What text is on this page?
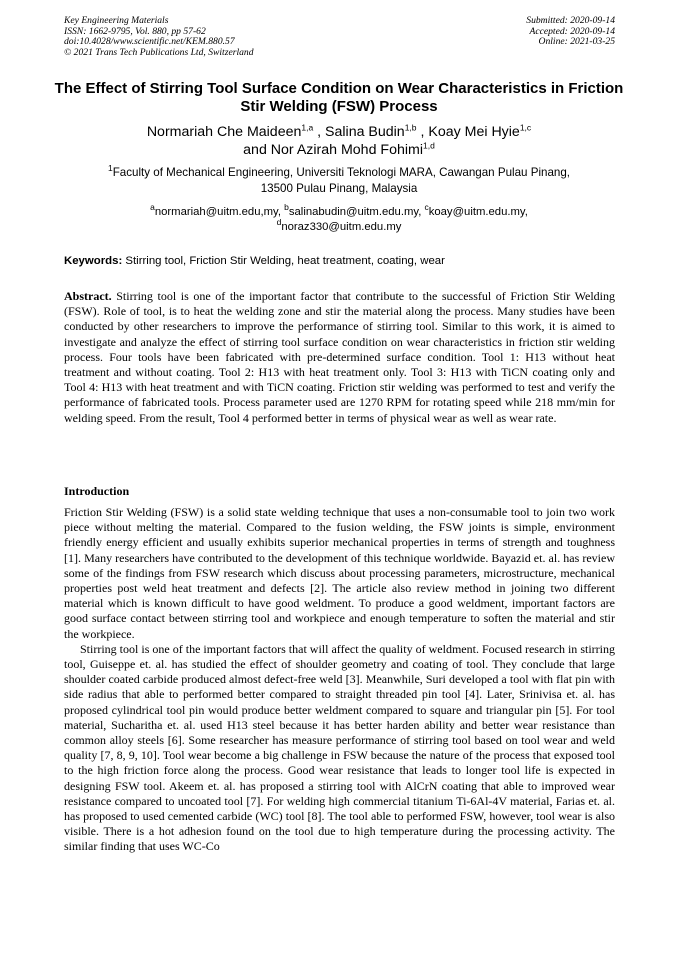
Key Engineering Materials
ISSN: 1662-9795, Vol. 880, pp 57-62
doi:10.4028/www.scientific.net/KEM.880.57
© 2021 Trans Tech Publications Ltd, Switzerland
Submitted: 2020-09-14
Accepted: 2020-09-14
Online: 2021-03-25
The Effect of Stirring Tool Surface Condition on Wear Characteristics in Friction Stir Welding (FSW) Process
Normariah Che Maideen$^{1,a}$ , Salina Budin$^{1,b}$ , Koay Mei Hyie$^{1,c}$
and Nor Azirah Mohd Fohimi$^{1,d}$
$^1$Faculty of Mechanical Engineering, Universiti Teknologi MARA, Cawangan Pulau Pinang,
13500 Pulau Pinang, Malaysia
$^a$normariah@uitm.edu,my, $^b$salinabudin@uitm.edu.my, $^c$koay@uitm.edu.my,
$^d$noraz330@uitm.edu.my
Keywords: Stirring tool, Friction Stir Welding, heat treatment, coating, wear
Abstract. Stirring tool is one of the important factor that contribute to the successful of Friction Stir Welding (FSW). Role of tool, is to heat the welding zone and stir the material along the process. Many studies have been conducted by other researchers to improve the performance of stirring tool. Similar to this work, it is aimed to investigate and analyze the effect of stirring tool surface condition on wear characteristics in friction stir welding process. Four tools have been fabricated with pre-determined surface condition. Tool 1: H13 without heat treatment and without coating. Tool 2: H13 with heat treatment only. Tool 3: H13 with TiCN coating only and Tool 4: H13 with heat treatment and with TiCN coating. Friction stir welding was performed to test and verify the performance of fabricated tools. Process parameter used are 1270 RPM for rotating speed while 218 mm/min for welding speed. From the result, Tool 4 performed better in terms of physical wear as well as wear rate.
Introduction

Friction Stir Welding (FSW) is a solid state welding technique that uses a non-consumable tool to join two work piece without melting the material. Compared to the fusion welding, the FSW joints is simple, environment friendly energy efficient and usually exhibits superior mechanical properties in terms of strength and toughness [1]. Many researchers have contributed to the development of this technique worldwide. Bayazid et. al. has review some of the findings from FSW research which discuss about processing parameters, microstructure, mechanical properties post weld heat treatment and defects [2]. The article also review method in joining two different material which is known difficult to have good weldment. To produce a good weldment, important factors are good surface contact between stirring tool and workpiece and enough temperature to soften the material and stir the workpiece.

Stirring tool is one of the important factors that will affect the quality of weldment. Focused research in stirring tool, Guiseppe et. al. has studied the effect of shoulder geometry and coating of tool. They conclude that large shoulder coated carbide produced almost defect-free weld [3]. Meanwhile, Suri developed a tool with flat pin with side radius that able to performed better compared to straight threaded pin tool [4]. Later, Srinivisa et. al. has proposed cylindrical tool pin would produce better weldment compared to square and triangular pin [5]. For tool material, Sucharitha et. al. used H13 steel because it has better harden ability and better wear resistance than common alloy steels [6]. Some researcher has measure performance of stirring tool based on tool wear and weld quality [7, 8, 9, 10]. Tool wear become a big challenge in FSW because the nature of the process that exposed tool to the high friction force along the process. Good wear resistance that leads to longer tool life is expected in designing FSW tool. Akeem et. al. has proposed a stirring tool with AlCrN coating that able to improved wear resistance compared to uncoated tool [7]. For welding high commercial titanium Ti-6Al-4V material, Farias et. al. has proposed to used cemented carbide (WC) tool [8]. The tool able to performed FSW, however, tool wear is also visible. There is a hot adhesion found on the tool due to high temperature during the processing activity. The similar finding that uses WC-Co
